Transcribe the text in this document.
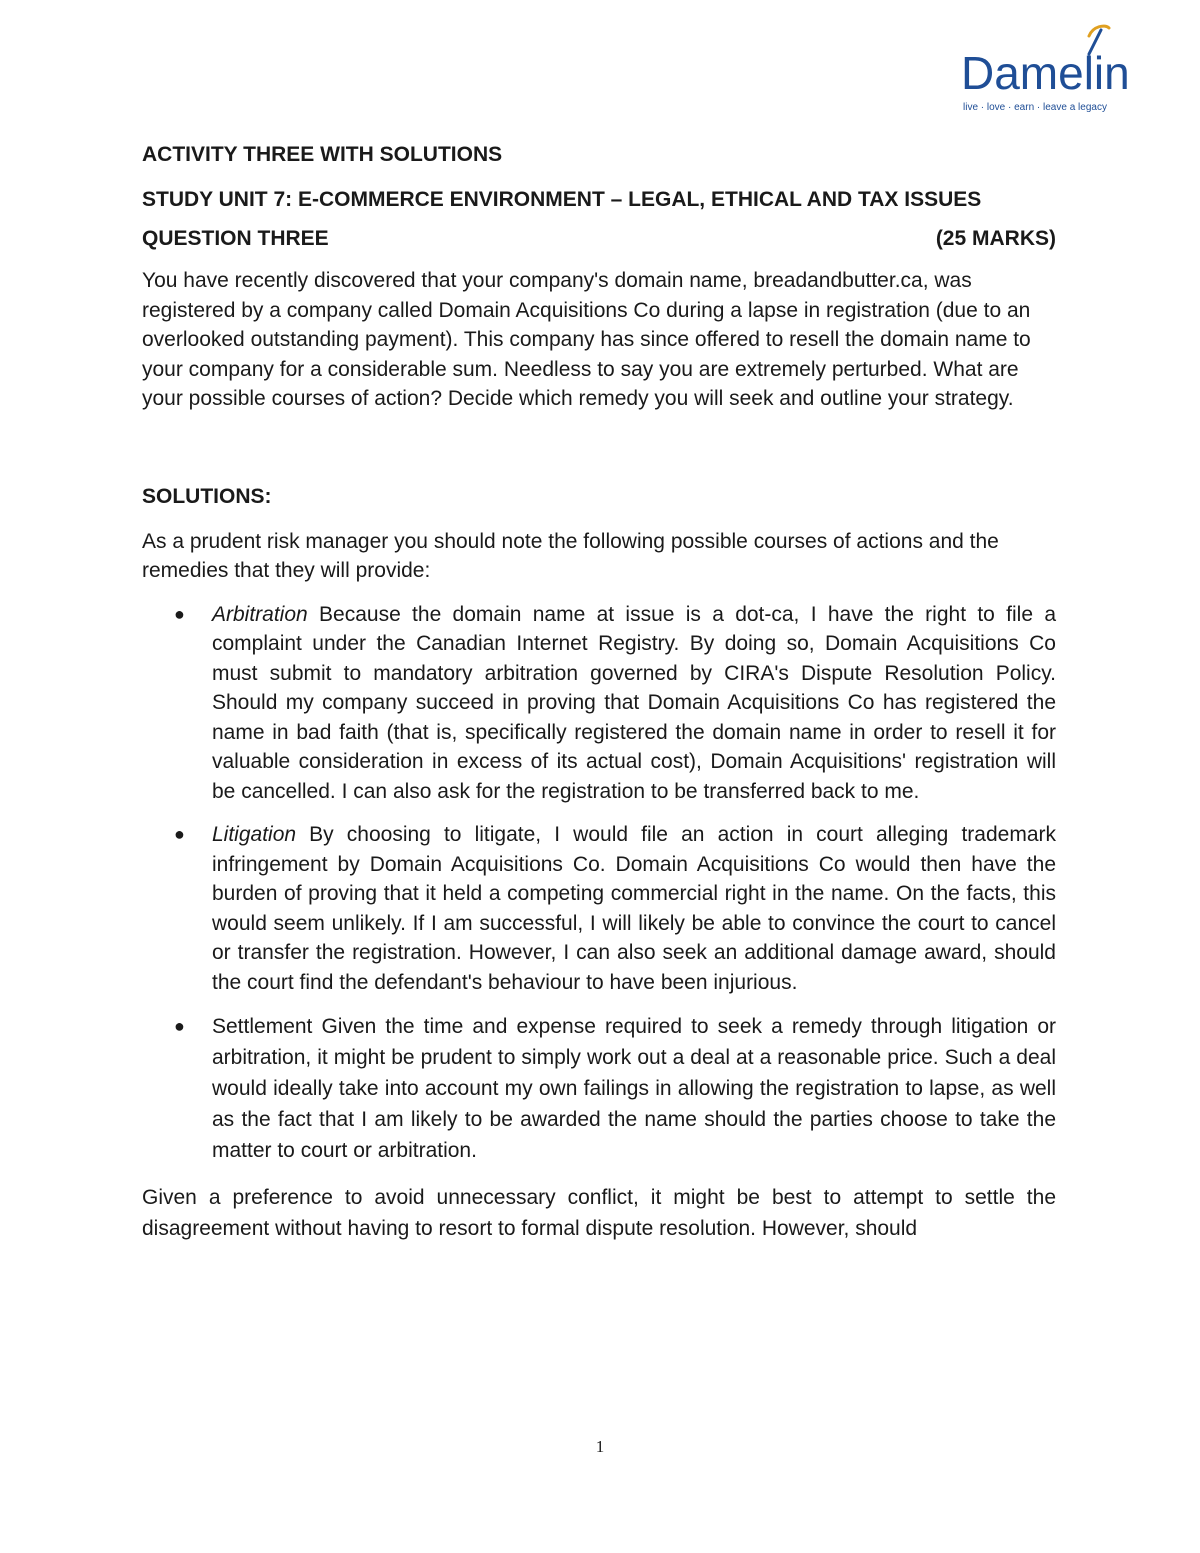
Damelin
live · love · earn · leave a legacy
ACTIVITY THREE WITH SOLUTIONS
STUDY UNIT 7: E-COMMERCE ENVIRONMENT – LEGAL, ETHICAL AND TAX ISSUES
QUESTION THREE	(25 MARKS)

You have recently discovered that your company's domain name, breadandbutter.ca, was registered by a company called Domain Acquisitions Co during a lapse in registration (due to an overlooked outstanding payment). This company has since offered to resell the domain name to your company for a considerable sum. Needless to say you are extremely perturbed. What are your possible courses of action? Decide which remedy you will seek and outline your strategy.

SOLUTIONS:

As a prudent risk manager you should note the following possible courses of actions and the remedies that they will provide:

● Arbitration Because the domain name at issue is a dot-ca, I have the right to file a complaint under the Canadian Internet Registry. By doing so, Domain Acquisitions Co must submit to mandatory arbitration governed by CIRA's Dispute Resolution Policy. Should my company succeed in proving that Domain Acquisitions Co has registered the name in bad faith (that is, specifically registered the domain name in order to resell it for valuable consideration in excess of its actual cost), Domain Acquisitions' registration will be cancelled. I can also ask for the registration to be transferred back to me.
● Litigation By choosing to litigate, I would file an action in court alleging trademark infringement by Domain Acquisitions Co. Domain Acquisitions Co would then have the burden of proving that it held a competing commercial right in the name. On the facts, this would seem unlikely. If I am successful, I will likely be able to convince the court to cancel or transfer the registration. However, I can also seek an additional damage award, should the court find the defendant's behaviour to have been injurious.
● Settlement Given the time and expense required to seek a remedy through litigation or arbitration, it might be prudent to simply work out a deal at a reasonable price. Such a deal would ideally take into account my own failings in allowing the registration to lapse, as well as the fact that I am likely to be awarded the name should the parties choose to take the matter to court or arbitration.

Given a preference to avoid unnecessary conflict, it might be best to attempt to settle the disagreement without having to resort to formal dispute resolution. However, should

1
